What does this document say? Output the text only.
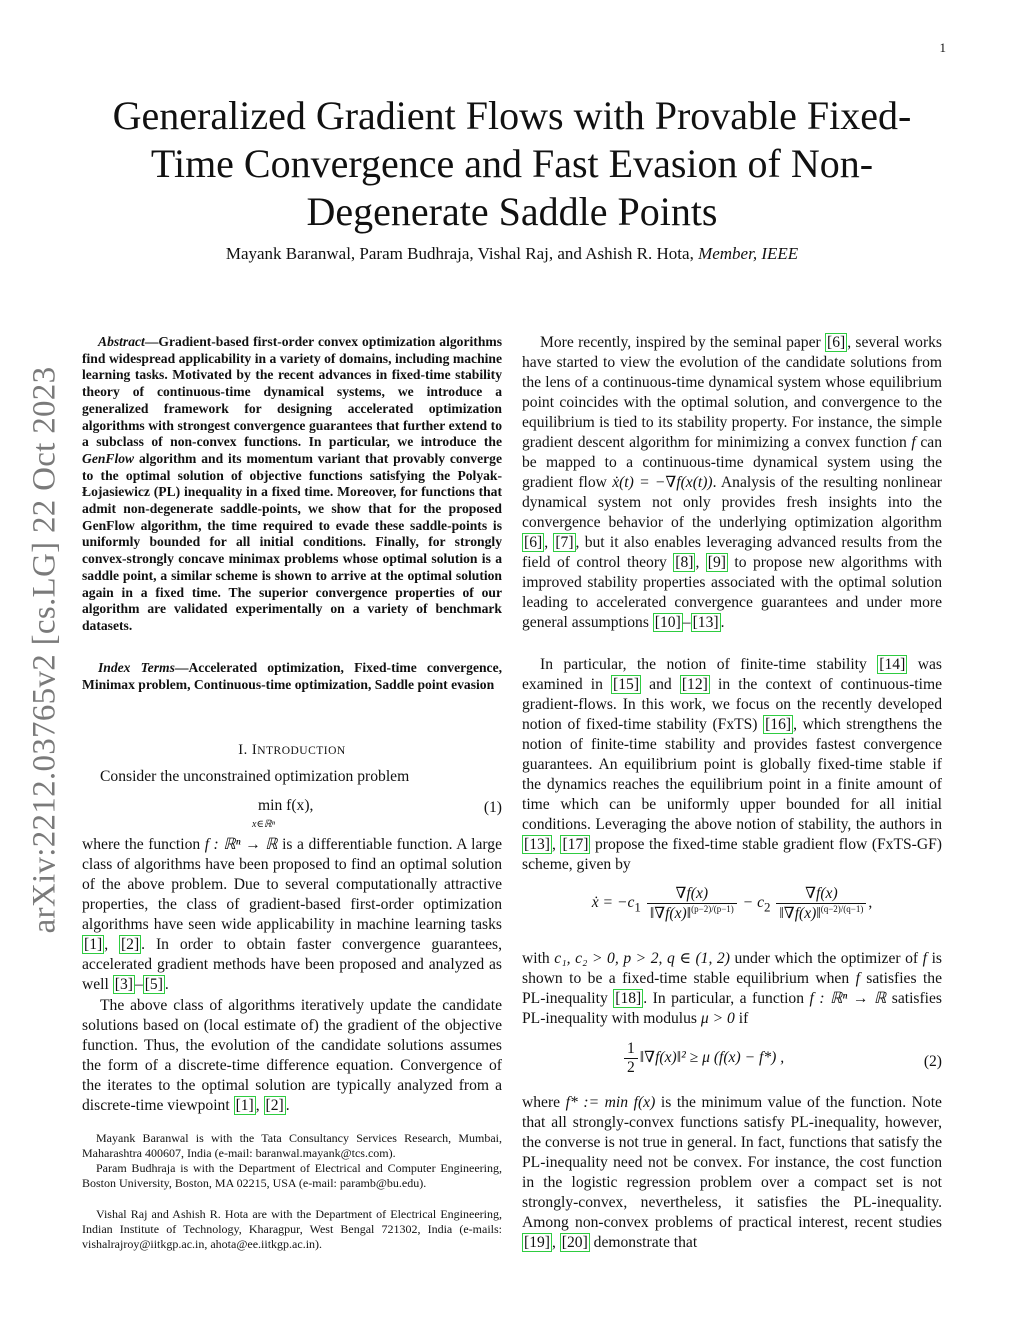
1
arXiv:2212.03765v2 [cs.LG] 22 Oct 2023
Generalized Gradient Flows with Provable Fixed-Time Convergence and Fast Evasion of Non-Degenerate Saddle Points
Mayank Baranwal, Param Budhraja, Vishal Raj, and Ashish R. Hota, Member, IEEE
Abstract—Gradient-based first-order convex optimization algorithms find widespread applicability in a variety of domains, including machine learning tasks. Motivated by the recent advances in fixed-time stability theory of continuous-time dynamical systems, we introduce a generalized framework for designing accelerated optimization algorithms with strongest convergence guarantees that further extend to a subclass of non-convex functions. In particular, we introduce the GenFlow algorithm and its momentum variant that provably converge to the optimal solution of objective functions satisfying the Polyak-Łojasiewicz (PL) inequality in a fixed time. Moreover, for functions that admit non-degenerate saddle-points, we show that for the proposed GenFlow algorithm, the time required to evade these saddle-points is uniformly bounded for all initial conditions. Finally, for strongly convex-strongly concave minimax problems whose optimal solution is a saddle point, a similar scheme is shown to arrive at the optimal solution again in a fixed time. The superior convergence properties of our algorithm are validated experimentally on a variety of benchmark datasets.
Index Terms—Accelerated optimization, Fixed-time convergence, Minimax problem, Continuous-time optimization, Saddle point evasion
I. INTRODUCTION
Consider the unconstrained optimization problem
min f(x),
x∈ℝⁿ
(1)
where the function f : ℝⁿ → ℝ is a differentiable function. A large class of algorithms have been proposed to find an optimal solution of the above problem. Due to several computationally attractive properties, the class of gradient-based first-order optimization algorithms have seen wide applicability in machine learning tasks [1] , [2] . In order to obtain faster convergence guarantees, accelerated gradient methods have been proposed and analyzed as well [3] – [5] .
The above class of algorithms iteratively update the candidate solutions based on (local estimate of) the gradient of the objective function. Thus, the evolution of the candidate solutions assumes the form of a discrete-time difference equation. Convergence of the iterates to the optimal solution are typically analyzed from a discrete-time viewpoint [1] , [2] .
Mayank Baranwal is with the Tata Consultancy Services Research, Mumbai, Maharashtra 400607, India (e-mail: baranwal.mayank@tcs.com).
Param Budhraja is with the Department of Electrical and Computer Engineering, Boston University, Boston, MA 02215, USA (e-mail: paramb@bu.edu).
Vishal Raj and Ashish R. Hota are with the Department of Electrical Engineering, Indian Institute of Technology, Kharagpur, West Bengal 721302, India (e-mails: vishalrajroy@iitkgp.ac.in, ahota@ee.iitkgp.ac.in).
More recently, inspired by the seminal paper [6] , several works have started to view the evolution of the candidate solutions from the lens of a continuous-time dynamical system whose equilibrium point coincides with the optimal solution, and convergence to the equilibrium is tied to its stability property. For instance, the simple gradient descent algorithm for minimizing a convex function f can be mapped to a continuous-time dynamical system using the gradient flow ẋ(t) = −∇f(x(t)). Analysis of the resulting nonlinear dynamical system not only provides fresh insights into the convergence behavior of the underlying optimization algorithm [6] , [7] , but it also enables leveraging advanced results from the field of control theory [8] , [9] to propose new algorithms with improved stability properties associated with the optimal solution leading to accelerated convergence guarantees and under more general assumptions [10] – [13] .
In particular, the notion of finite-time stability [14] was examined in [15] and [12] in the context of continuous-time gradient-flows. In this work, we focus on the recently developed notion of fixed-time stability (FxTS) [16] , which strengthens the notion of finite-time stability and provides fastest convergence guarantees. An equilibrium point is globally fixed-time stable if the dynamics reaches the equilibrium point in a finite amount of time which can be uniformly upper bounded for all initial conditions. Leveraging the above notion of stability, the authors in [13] , [17] propose the fixed-time stable gradient flow (FxTS-GF) scheme, given by
ẋ = $-c_1 \frac{\nabla f(x)}{‖\nabla f(x)‖^{(p-2)/(p-1)}} - c_2 \frac{\nabla f(x)}{‖\nabla f(x)‖^{(q-2)/(q-1)}}$ ,
with c₁, c₂ > 0, p > 2, q ∈ (1, 2) under which the optimizer of f is shown to be a fixed-time stable equilibrium when f satisfies the PL-inequality [18] . In particular, a function f : ℝⁿ → ℝ satisfies PL-inequality with modulus μ > 0 if
$\frac{1}{2}$ ‖∇f(x)‖² ≥ μ (f(x) − f*) ,	(2)
where f* := min f(x) is the minimum value of the function. Note that all strongly-convex functions satisfy PL-inequality, however, the converse is not true in general. In fact, functions that satisfy the PL-inequality need not be convex. For instance, the cost function in the logistic regression problem over a compact set is not strongly-convex, nevertheless, it satisfies the PL-inequality. Among non-convex problems of practical interest, recent studies [19] , [20] demonstrate that
